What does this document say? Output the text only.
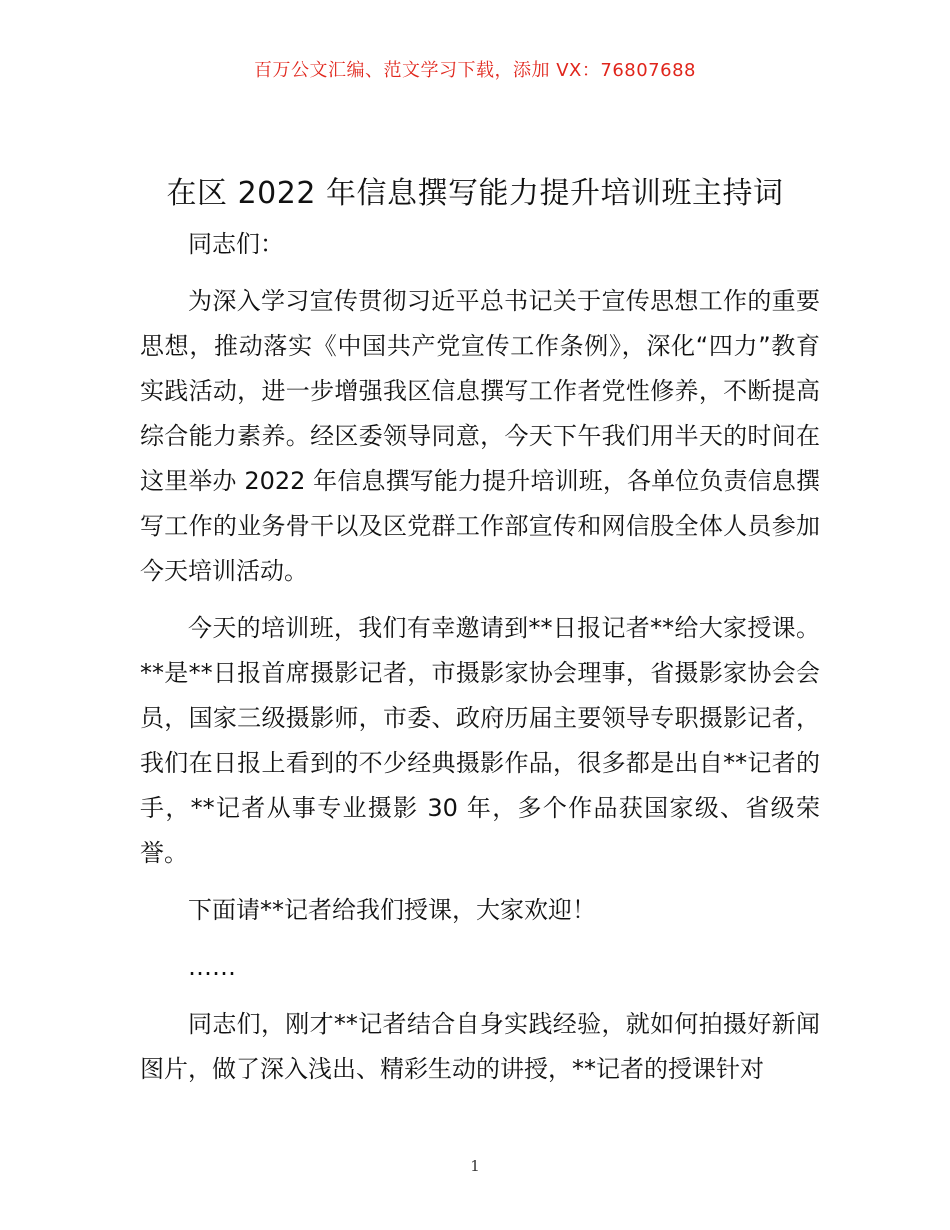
百万公文汇编、范文学习下载，添加 VX：76807688
在区 2022 年信息撰写能力提升培训班主持词

同志们：

为深入学习宣传贯彻习近平总书记关于宣传思想工作的重要思想，推动落实《中国共产党宣传工作条例》，深化“四力”教育实践活动，进一步增强我区信息撰写工作者党性修养，不断提高综合能力素养。经区委领导同意，今天下午我们用半天的时间在这里举办 2022 年信息撰写能力提升培训班，各单位负责信息撰写工作的业务骨干以及区党群工作部宣传和网信股全体人员参加今天培训活动。

今天的培训班，我们有幸邀请到**日报记者**给大家授课。**是**日报首席摄影记者，市摄影家协会理事，省摄影家协会会员，国家三级摄影师，市委、政府历届主要领导专职摄影记者，我们在日报上看到的不少经典摄影作品，很多都是出自**记者的手，**记者从事专业摄影 30 年，多个作品获国家级、省级荣誉。

下面请**记者给我们授课，大家欢迎！

……

同志们，刚才**记者结合自身实践经验，就如何拍摄好新闻图片，做了深入浅出、精彩生动的讲授，**记者的授课针对

1
